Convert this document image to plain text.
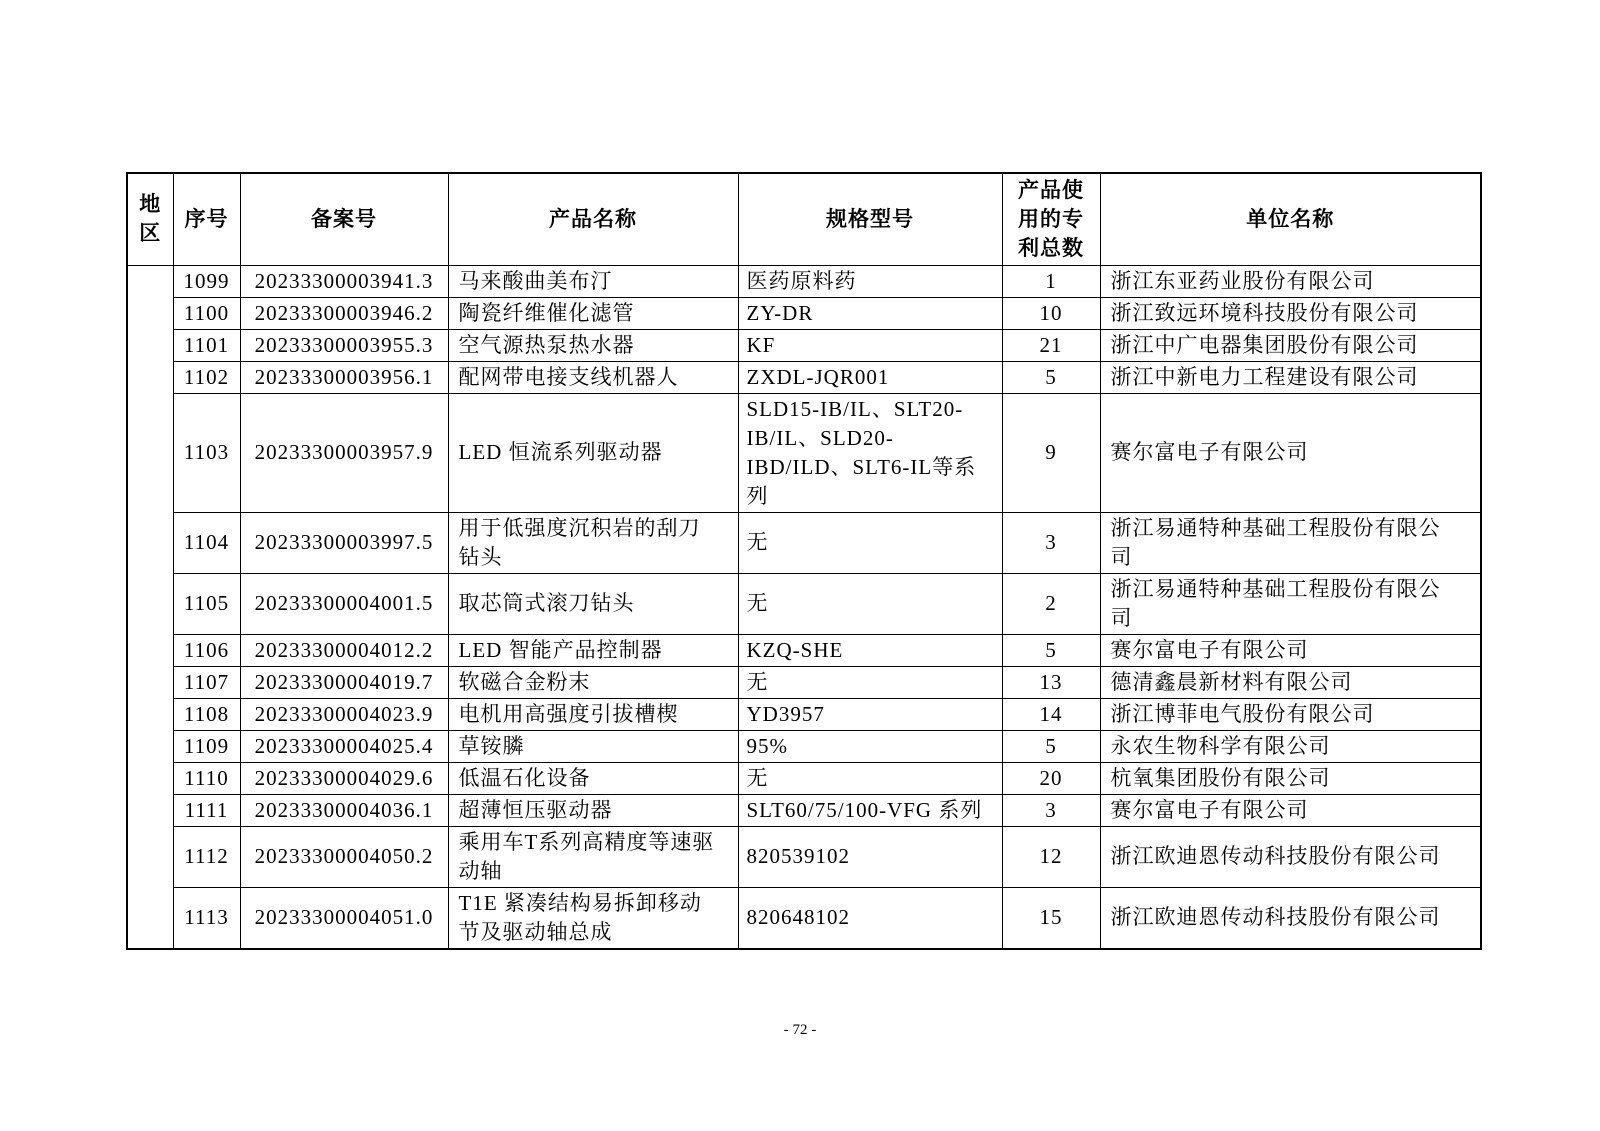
地区	序号	备案号	产品名称	规格型号	产品使用的专利总数	单位名称
	1099	20233300003941.3	马来酸曲美布汀	医药原料药	1	浙江东亚药业股份有限公司
	1100	20233300003946.2	陶瓷纤维催化滤管	ZY-DR	10	浙江致远环境科技股份有限公司
	1101	20233300003955.3	空气源热泵热水器	KF	21	浙江中广电器集团股份有限公司
	1102	20233300003956.1	配网带电接支线机器人	ZXDL-JQR001	5	浙江中新电力工程建设有限公司
	1103	20233300003957.9	LED 恒流系列驱动器	SLD15-IB/IL、SLT20-IB/IL、SLD20-IBD/ILD、SLT6-IL等系列	9	赛尔富电子有限公司
	1104	20233300003997.5	用于低强度沉积岩的刮刀钻头	无	3	浙江易通特种基础工程股份有限公司
	1105	20233300004001.5	取芯筒式滚刀钻头	无	2	浙江易通特种基础工程股份有限公司
	1106	20233300004012.2	LED 智能产品控制器	KZQ-SHE	5	赛尔富电子有限公司
	1107	20233300004019.7	软磁合金粉末	无	13	德清鑫晨新材料有限公司
	1108	20233300004023.9	电机用高强度引拔槽楔	YD3957	14	浙江博菲电气股份有限公司
	1109	20233300004025.4	草铵膦	95%	5	永农生物科学有限公司
	1110	20233300004029.6	低温石化设备	无	20	杭氧集团股份有限公司
	1111	20233300004036.1	超薄恒压驱动器	SLT60/75/100-VFG 系列	3	赛尔富电子有限公司
	1112	20233300004050.2	乘用车T系列高精度等速驱动轴	820539102	12	浙江欧迪恩传动科技股份有限公司
	1113	20233300004051.0	T1E 紧凑结构易拆卸移动节及驱动轴总成	820648102	15	浙江欧迪恩传动科技股份有限公司
- 72 -
